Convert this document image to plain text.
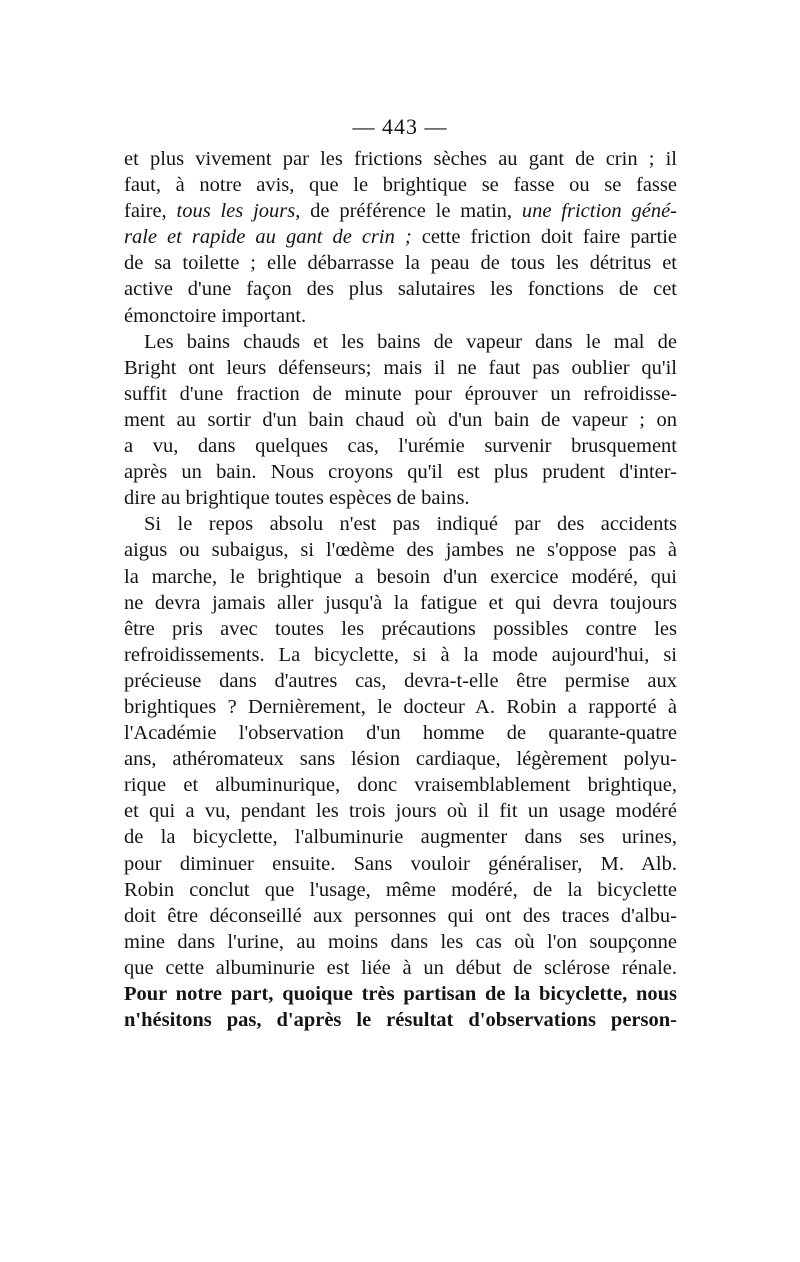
— 443 —
et plus vivement par les frictions sèches au gant de crin ; il
faut, à notre avis, que le brightique se fasse ou se fasse
faire, tous les jours, de préférence le matin, une friction géné-
rale et rapide au gant de crin ; cette friction doit faire partie
de sa toilette ; elle débarrasse la peau de tous les détritus et
active d'une façon des plus salutaires les fonctions de cet
émonctoire important.
Les bains chauds et les bains de vapeur dans le mal de
Bright ont leurs défenseurs; mais il ne faut pas oublier qu'il
suffit d'une fraction de minute pour éprouver un refroidisse-
ment au sortir d'un bain chaud où d'un bain de vapeur ; on
a vu, dans quelques cas, l'urémie survenir brusquement
après un bain. Nous croyons qu'il est plus prudent d'inter-
dire au brightique toutes espèces de bains.
Si le repos absolu n'est pas indiqué par des accidents
aigus ou subaigus, si l'œdème des jambes ne s'oppose pas à
la marche, le brightique a besoin d'un exercice modéré, qui
ne devra jamais aller jusqu'à la fatigue et qui devra toujours
être pris avec toutes les précautions possibles contre les
refroidissements. La bicyclette, si à la mode aujourd'hui, si
précieuse dans d'autres cas, devra-t-elle être permise aux
brightiques ? Dernièrement, le docteur A. Robin a rapporté à
l'Académie l'observation d'un homme de quarante-quatre
ans, athéromateux sans lésion cardiaque, légèrement polyu-
rique et albuminurique, donc vraisemblablement brightique,
et qui a vu, pendant les trois jours où il fit un usage modéré
de la bicyclette, l'albuminurie augmenter dans ses urines,
pour diminuer ensuite. Sans vouloir généraliser, M. Alb.
Robin conclut que l'usage, même modéré, de la bicyclette
doit être déconseillé aux personnes qui ont des traces d'albu-
mine dans l'urine, au moins dans les cas où l'on soupçonne
que cette albuminurie est liée à un début de sclérose rénale.
Pour notre part, quoique très partisan de la bicyclette, nous
n'hésitons pas, d'après le résultat d'observations person-
